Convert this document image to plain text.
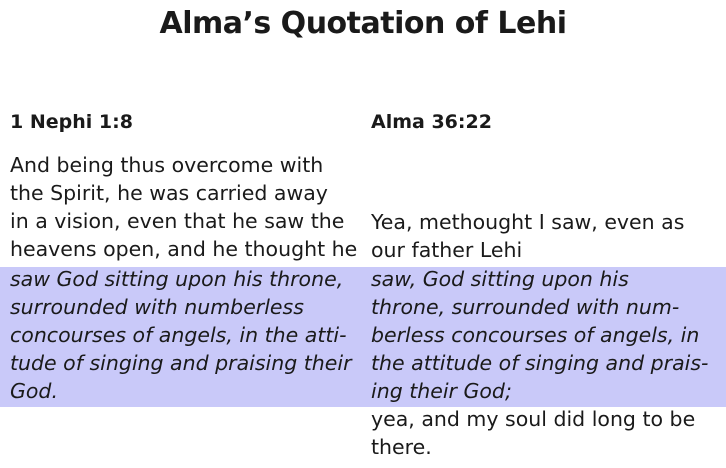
Alma’s Quotation of Lehi
1 Nephi 1:8
And being thus overcome with
the Spirit, he was carried away
in a vision, even that he saw the
heavens open, and he thought he
saw God sitting upon his throne,
surrounded with numberless
concourses of angels, in the atti-
tude of singing and praising their
God.
Alma 36:22
Yea, methought I saw, even as
our father Lehi
saw, God sitting upon his
throne, surrounded with num-
berless concourses of angels, in
the attitude of singing and prais-
ing their God;
yea, and my soul did long to be
there.
